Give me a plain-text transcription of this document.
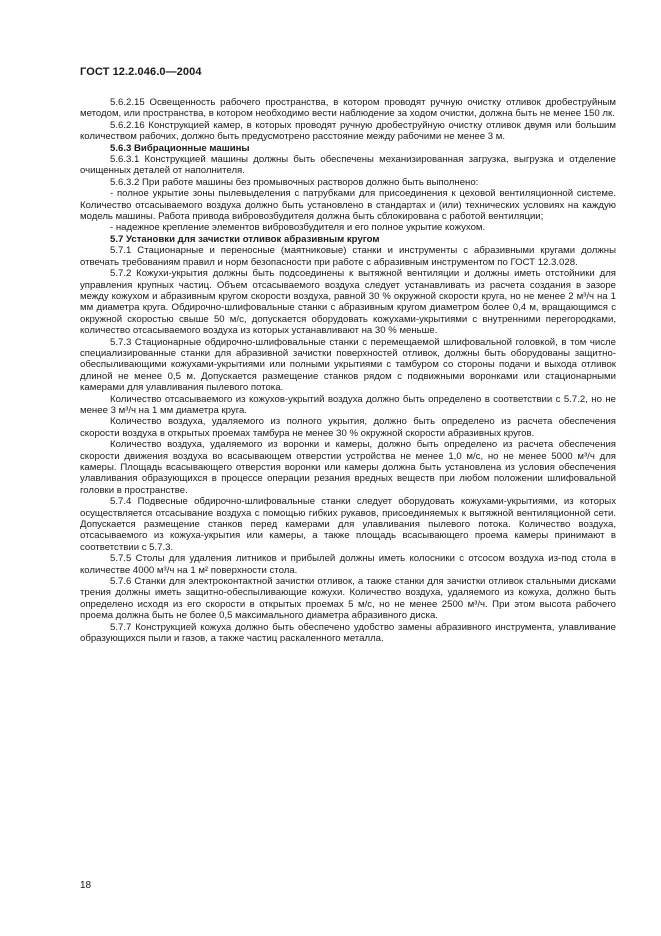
ГОСТ 12.2.046.0—2004

5.6.2.15 Освещенность рабочего пространства, в котором проводят ручную очистку отливок дробеструйным методом, или пространства, в котором необходимо вести наблюдение за ходом очистки, должна быть не менее 150 лк.

5.6.2.16 Конструкцией камер, в которых проводят ручную дробеструйную очистку отливок двумя или большим количеством рабочих, должно быть предусмотрено расстояние между рабочими не менее 3 м.

5.6.3 Вибрационные машины

5.6.3.1 Конструкцией машины должны быть обеспечены механизированная загрузка, выгрузка и отделение очищенных деталей от наполнителя.

5.6.3.2 При работе машины без промывочных растворов должно быть выполнено:

- полное укрытие зоны пылевыделения с патрубками для присоединения к цеховой вентиляционной системе. Количество отсасываемого воздуха должно быть установлено в стандартах и (или) технических условиях на каждую модель машины. Работа привода вибровозбудителя должна быть сблокирована с работой вентиляции;

- надежное крепление элементов вибровозбудителя и его полное укрытие кожухом.

5.7 Установки для зачистки отливок абразивным кругом

5.7.1 Стационарные и переносные (маятниковые) станки и инструменты с абразивными кругами должны отвечать требованиям правил и норм безопасности при работе с абразивным инструментом по ГОСТ 12.3.028.

5.7.2 Кожухи-укрытия должны быть подсоединены к вытяжной вентиляции и должны иметь отстойники для управления крупных частиц. Объем отсасываемого воздуха следует устанавливать из расчета создания в зазоре между кожухом и абразивным кругом скорости воздуха, равной 30 % окружной скорости круга, но не менее 2 м³/ч на 1 мм диаметра круга. Обдирочно-шлифовальные станки с абразивным кругом диаметром более 0,4 м, вращающимся с окружной скоростью свыше 50 м/с, допускается оборудовать кожухами-укрытиями с внутренними перегородками, количество отсасываемого воздуха из которых устанавливают на 30 % меньше.

5.7.3 Стационарные обдирочно-шлифовальные станки с перемещаемой шлифовальной головкой, в том числе специализированные станки для абразивной зачистки поверхностей отливок, должны быть оборудованы защитно-обеспыливающими кожухами-укрытиями или полными укрытиями с тамбуром со стороны подачи и выхода отливок длиной не менее 0,5 м. Допускается размещение станков рядом с подвижными воронками или стационарными камерами для улавливания пылевого потока.

Количество отсасываемого из кожухов-укрытий воздуха должно быть определено в соответствии с 5.7.2, но не менее 3 м³/ч на 1 мм диаметра круга.

Количество воздуха, удаляемого из полного укрытия, должно быть определено из расчета обеспечения скорости воздуха в открытых проемах тамбура не менее 30 % окружной скорости абразивных кругов.

Количество воздуха, удаляемого из воронки и камеры, должно быть определено из расчета обеспечения скорости движения воздуха во всасывающем отверстии устройства не менее 1,0 м/с, но не менее 5000 м³/ч для камеры. Площадь всасывающего отверстия воронки или камеры должна быть установлена из условия обеспечения улавливания образующихся в процессе операции резания вредных веществ при любом положении шлифовальной головки в пространстве.

5.7.4 Подвесные обдирочно-шлифовальные станки следует оборудовать кожухами-укрытиями, из которых осуществляется отсасывание воздуха с помощью гибких рукавов, присоединяемых к вытяжной вентиляционной сети. Допускается размещение станков перед камерами для улавливания пылевого потока. Количество воздуха, отсасываемого из кожуха-укрытия или камеры, а также площадь всасывающего проема камеры принимают в соответствии с 5.7.3.

5.7.5 Столы для удаления литников и прибылей должны иметь колосники с отсосом воздуха из-под стола в количестве 4000 м³/ч на 1 м² поверхности стола.

5.7.6 Станки для электроконтактной зачистки отливок, а также станки для зачистки отливок стальными дисками трения должны иметь защитно-обеспыливающие кожухи. Количество воздуха, удаляемого из кожуха, должно быть определено исходя из его скорости в открытых проемах 5 м/с, но не менее 2500 м³/ч. При этом высота рабочего проема должна быть не более 0,5 максимального диаметра абразивного диска.

5.7.7 Конструкцией кожуха должно быть обеспечено удобство замены абразивного инструмента, улавливание образующихся пыли и газов, а также частиц раскаленного металла.

18
